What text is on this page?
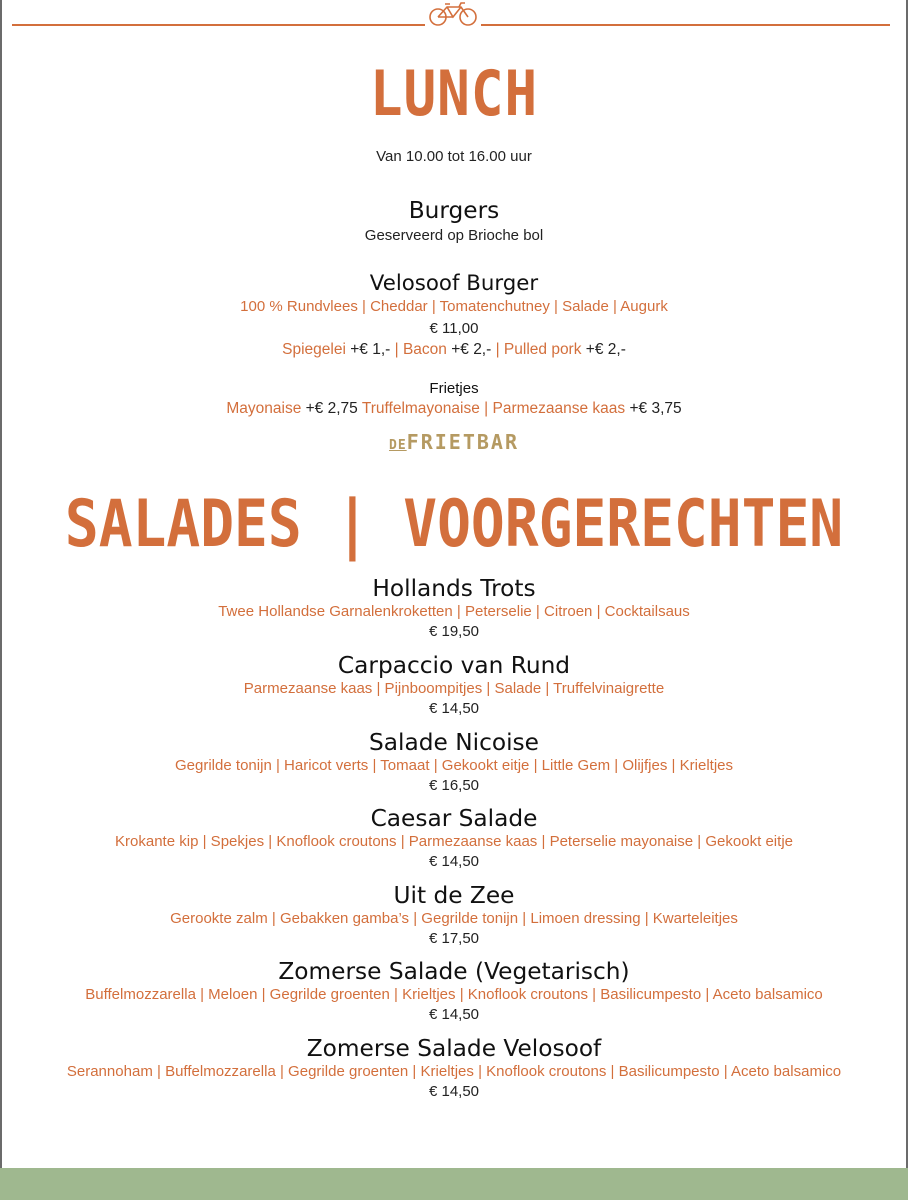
LUNCH
Van 10.00 tot 16.00 uur
Burgers
Geserveerd op Brioche bol
Velosoof Burger
100 % Rundvlees | Cheddar | Tomatenchutney | Salade | Augurk
€ 11,00
Spiegelei +€ 1,- | Bacon +€ 2,- | Pulled pork +€ 2,-
Frietjes
Mayonaise +€ 2,75 Truffelmayonaise | Parmezaanse kaas +€ 3,75
DEFRIETBAR
SALADES | VOORGERECHTEN
Hollands Trots
Twee Hollandse Garnalenkroketten | Peterselie | Citroen | Cocktailsaus
€ 19,50
Carpaccio van Rund
Parmezaanse kaas | Pijnboompitjes | Salade | Truffelvinaigrette
€ 14,50
Salade Nicoise
Gegrilde tonijn | Haricot verts | Tomaat | Gekookt eitje | Little Gem | Olijfjes | Krieltjes
€ 16,50
Caesar Salade
Krokante kip | Spekjes | Knoflook croutons | Parmezaanse kaas | Peterselie mayonaise | Gekookt eitje
€ 14,50
Uit de Zee
Gerookte zalm | Gebakken gamba’s | Gegrilde tonijn | Limoen dressing | Kwarteleitjes
€ 17,50
Zomerse Salade (Vegetarisch)
Buffelmozzarella | Meloen | Gegrilde groenten | Krieltjes | Knoflook croutons | Basilicumpesto | Aceto balsamico
€ 14,50
Zomerse Salade Velosoof
Serannoham | Buffelmozzarella | Gegrilde groenten | Krieltjes | Knoflook croutons | Basilicumpesto | Aceto balsamico
€ 14,50
